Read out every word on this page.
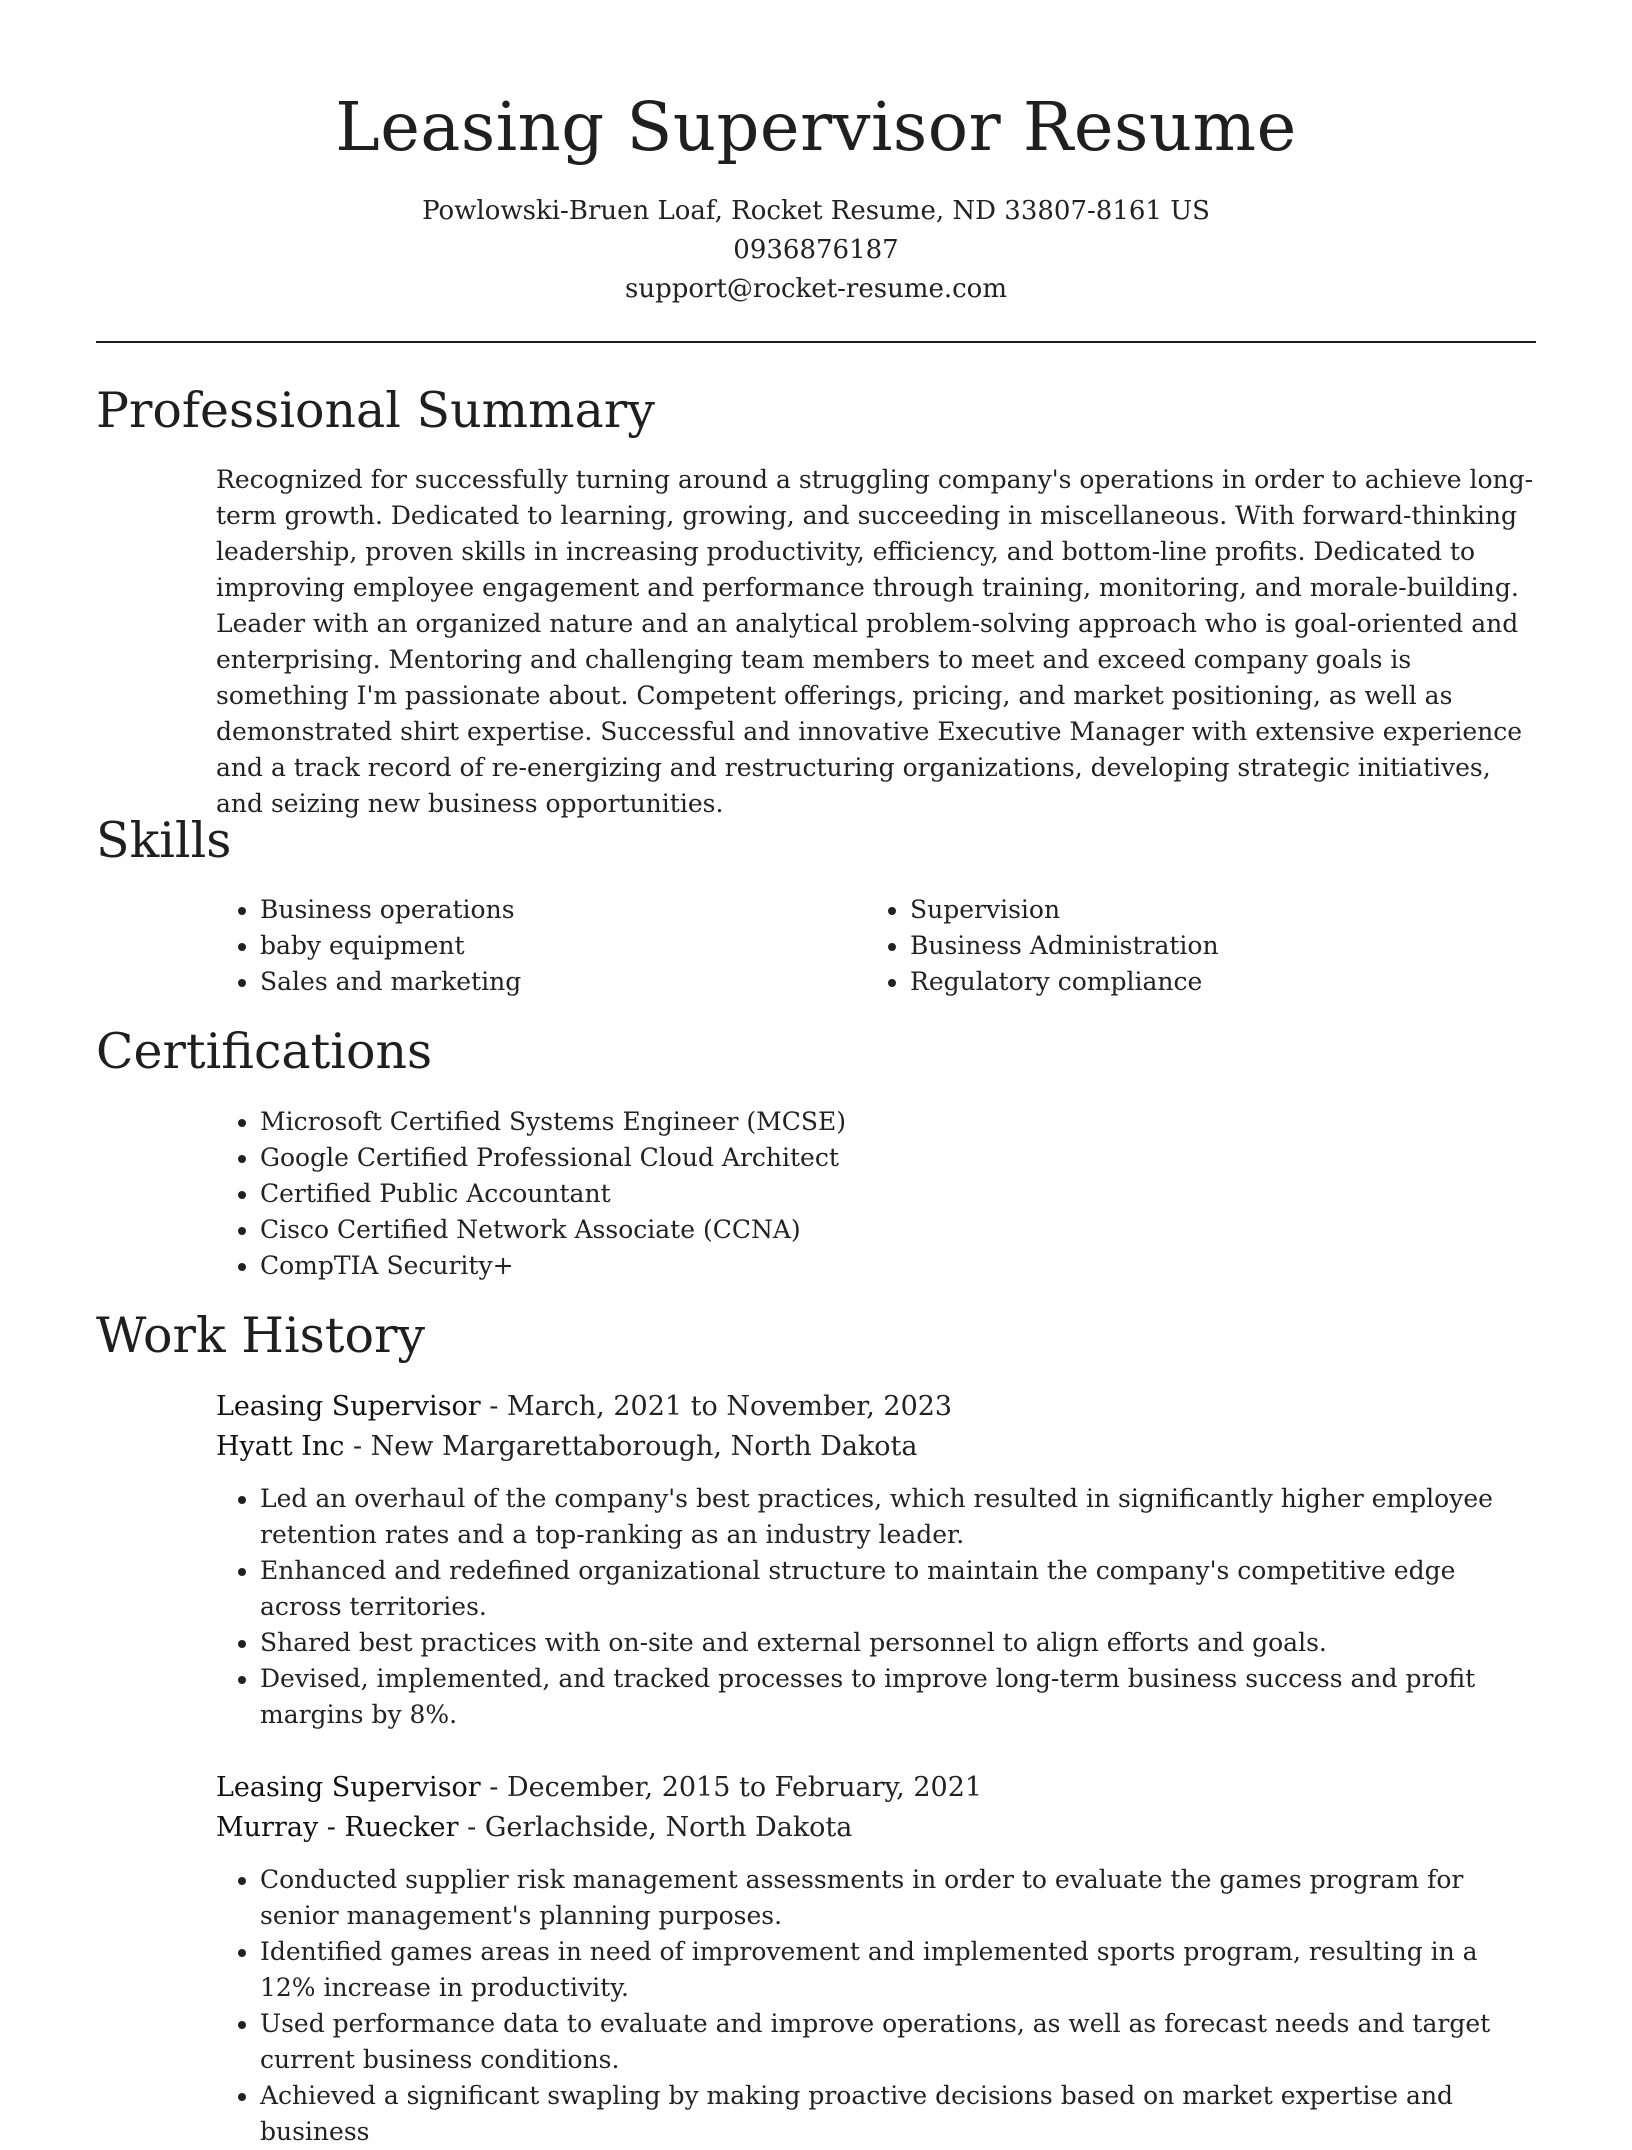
Leasing Supervisor Resume
Powlowski-Bruen Loaf, Rocket Resume, ND 33807-8161 US
0936876187
support@rocket-resume.com
Professional Summary

Recognized for successfully turning around a struggling company's operations in order to achieve long-term growth. Dedicated to learning, growing, and succeeding in miscellaneous. With forward-thinking leadership, proven skills in increasing productivity, efficiency, and bottom-line profits. Dedicated to improving employee engagement and performance through training, monitoring, and morale-building. Leader with an organized nature and an analytical problem-solving approach who is goal-oriented and enterprising. Mentoring and challenging team members to meet and exceed company goals is something I'm passionate about. Competent offerings, pricing, and market positioning, as well as demonstrated shirt expertise. Successful and innovative Executive Manager with extensive experience and a track record of re-energizing and restructuring organizations, developing strategic initiatives, and seizing new business opportunities.

Skills
• Business operations
• baby equipment
• Sales and marketing
• Supervision
• Business Administration
• Regulatory compliance
Certifications
• Microsoft Certified Systems Engineer (MCSE)
• Google Certified Professional Cloud Architect
• Certified Public Accountant
• Cisco Certified Network Associate (CCNA)
• CompTIA Security+
Work History
Leasing Supervisor - March, 2021 to November, 2023
Hyatt Inc - New Margarettaborough, North Dakota
• Led an overhaul of the company's best practices, which resulted in significantly higher employee retention rates and a top-ranking as an industry leader.
• Enhanced and redefined organizational structure to maintain the company's competitive edge across territories.
• Shared best practices with on-site and external personnel to align efforts and goals.
• Devised, implemented, and tracked processes to improve long-term business success and profit margins by 8%.
Leasing Supervisor - December, 2015 to February, 2021
Murray - Ruecker - Gerlachside, North Dakota
• Conducted supplier risk management assessments in order to evaluate the games program for senior management's planning purposes.
• Identified games areas in need of improvement and implemented sports program, resulting in a 12% increase in productivity.
• Used performance data to evaluate and improve operations, as well as forecast needs and target current business conditions.
• Achieved a significant swapling by making proactive decisions based on market expertise and business
